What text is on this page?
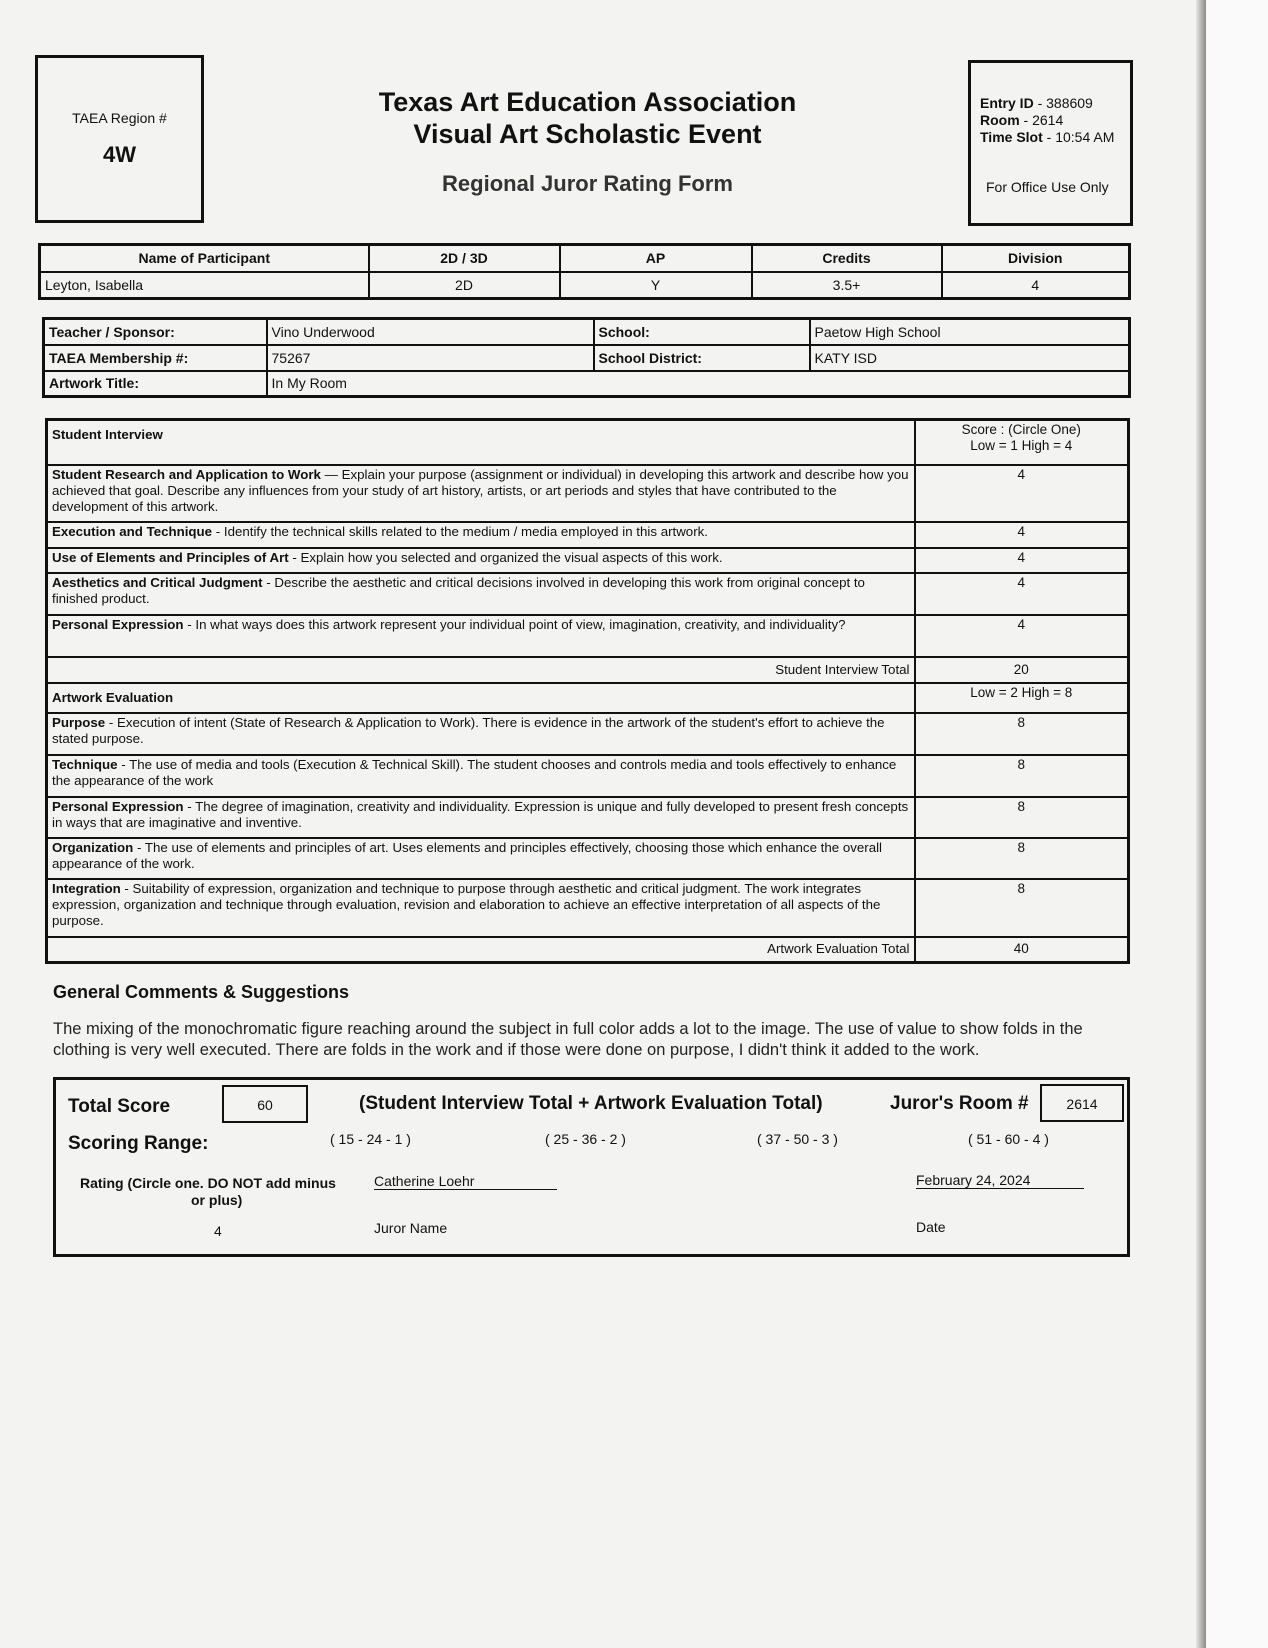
TAEA Region #
4W
Texas Art Education Association
Visual Art Scholastic Event
Regional Juror Rating Form
Entry ID - 388609
Room - 2614
Time Slot - 10:54 AM
For Office Use Only
Name of Participant	2D / 3D	AP	Credits	Division
Leyton, Isabella	2D	Y	3.5+	4
Teacher / Sponsor:	Vino Underwood	School:	Paetow High School
TAEA Membership #:	75267	School District:	KATY ISD
Artwork Title:	In My Room		
Student Interview	Score : (Circle One)
Low = 1 High = 4

Student Research and Application to Work — Explain your purpose (assignment or individual) in developing this artwork and describe how you achieved that goal. Describe any influences from your study of art history, artists, or art periods and styles that have contributed to the development of this artwork.	4
Execution and Technique - Identify the technical skills related to the medium / media employed in this artwork.	4
Use of Elements and Principles of Art - Explain how you selected and organized the visual aspects of this work.	4
Aesthetics and Critical Judgment - Describe the aesthetic and critical decisions involved in developing this work from original concept to finished product.	4
Personal Expression - In what ways does this artwork represent your individual point of view, imagination, creativity, and individuality?	4
Student Interview Total	20
Artwork Evaluation	Low = 2 High = 8

Purpose - Execution of intent (State of Research & Application to Work). There is evidence in the artwork of the student's effort to achieve the stated purpose.	8
Technique - The use of media and tools (Execution & Technical Skill). The student chooses and controls media and tools effectively to enhance the appearance of the work	8
Personal Expression - The degree of imagination, creativity and individuality. Expression is unique and fully developed to present fresh concepts in ways that are imaginative and inventive.	8
Organization - The use of elements and principles of art. Uses elements and principles effectively, choosing those which enhance the overall appearance of the work.	8
Integration - Suitability of expression, organization and technique to purpose through aesthetic and critical judgment. The work integrates expression, organization and technique through evaluation, revision and elaboration to achieve an effective interpretation of all aspects of the purpose.	8
Artwork Evaluation Total	40
General Comments & Suggestions
The mixing of the monochromatic figure reaching around the subject in full color adds a lot to the image. The use of value to show folds in the clothing is very well executed. There are folds in the work and if those were done on purpose, I didn't think it added to the work.
Total Score	60	(Student Interview Total + Artwork Evaluation Total)	Juror's Room #	2614
Scoring Range:	( 15 - 24 - 1 )	( 25 - 36 - 2 )	( 37 - 50 - 3 )	( 51 - 60 - 4 )
Rating (Circle one. DO NOT add minus
or plus)
4
Catherine Loehr
Juror Name
February 24, 2024
Date
